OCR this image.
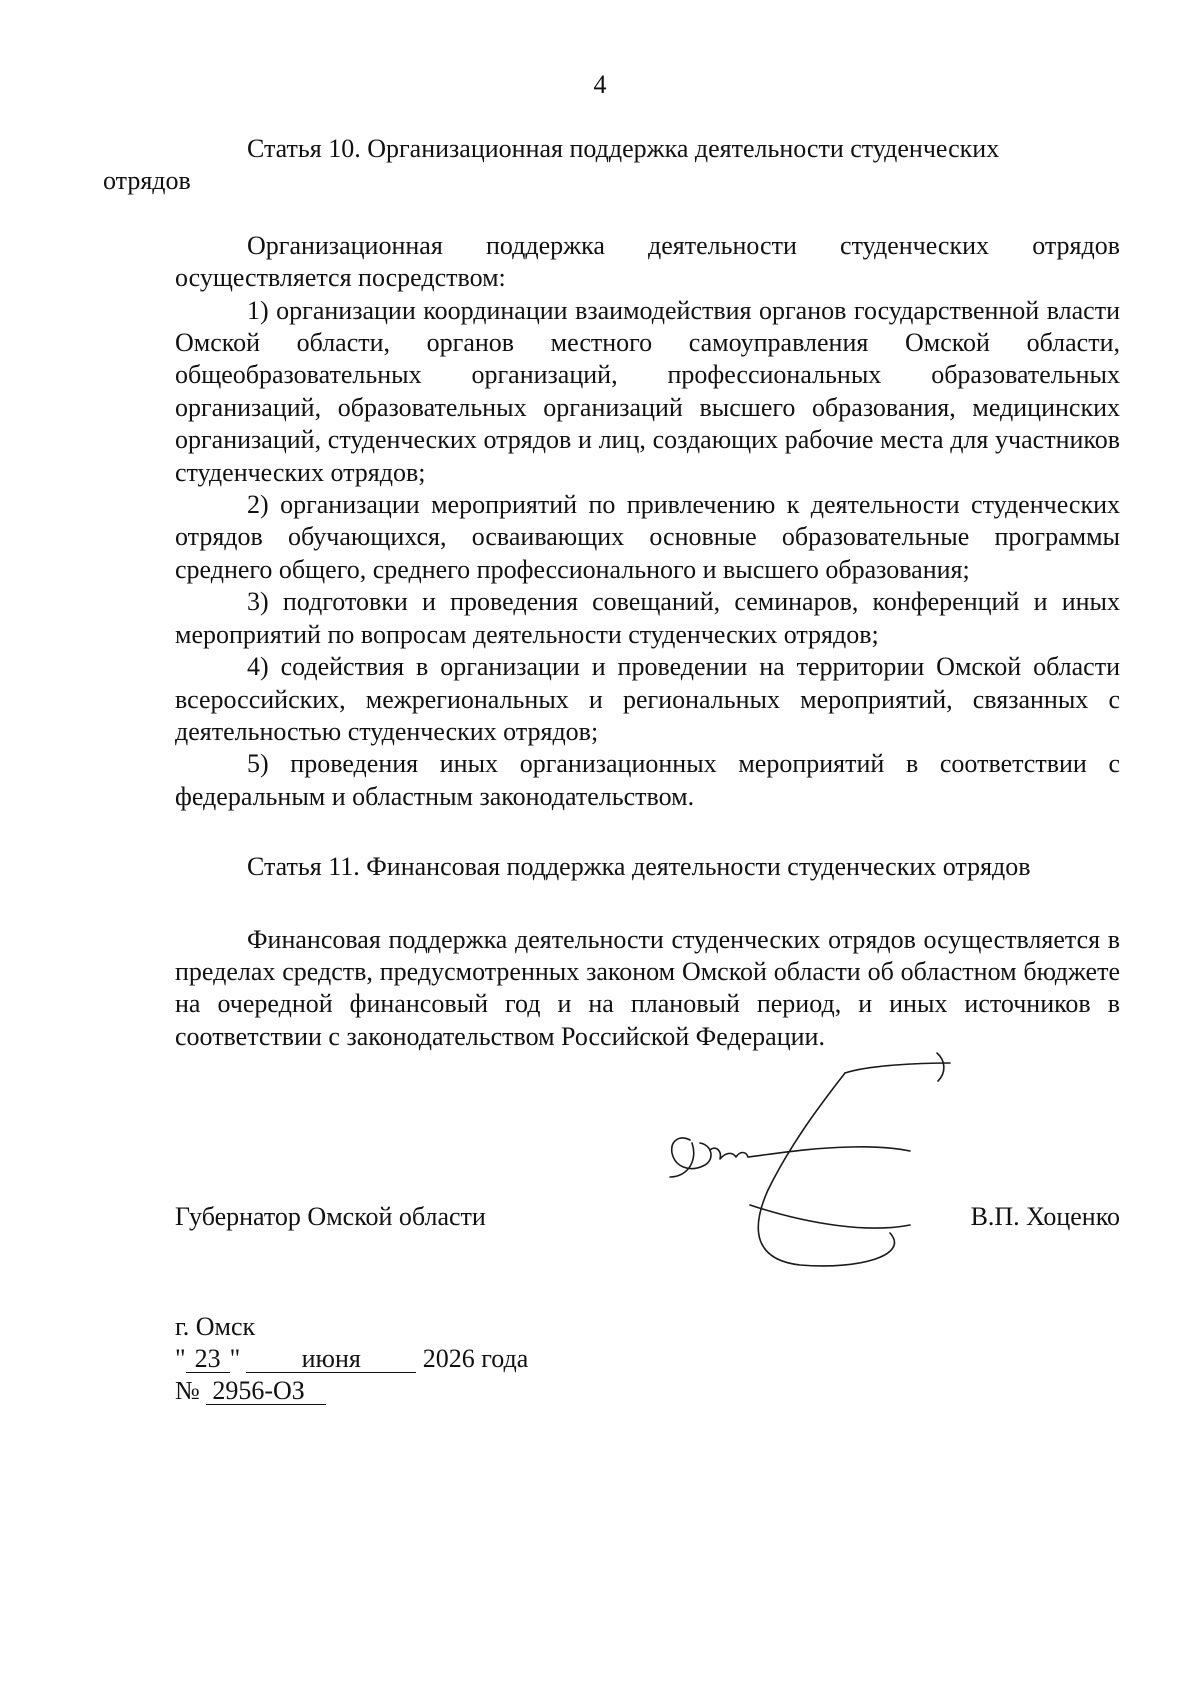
4

Статья 10. Организационная поддержка деятельности студенческих
отрядов

Организационная поддержка деятельности студенческих отрядов осуществляется посредством:

1) организации координации взаимодействия органов государственной власти Омской области, органов местного самоуправления Омской области, общеобразовательных организаций, профессиональных образовательных организаций, образовательных организаций высшего образования, медицинских организаций, студенческих отрядов и лиц, создающих рабочие места для участников студенческих отрядов;

2) организации мероприятий по привлечению к деятельности студенческих отрядов обучающихся, осваивающих основные образовательные программы среднего общего, среднего профессионального и высшего образования;

3) подготовки и проведения совещаний, семинаров, конференций и иных мероприятий по вопросам деятельности студенческих отрядов;

4) содействия в организации и проведении на территории Омской области всероссийских, межрегиональных и региональных мероприятий, связанных с деятельностью студенческих отрядов;

5) проведения иных организационных мероприятий в соответствии с федеральным и областным законодательством.

Статья 11. Финансовая поддержка деятельности студенческих отрядов

Финансовая поддержка деятельности студенческих отрядов осуществляется в пределах средств, предусмотренных законом Омской области об областном бюджете на очередной финансовый год и на плановый период, и иных источников в соответствии с законодательством Российской Федерации.

Губернатор Омской области	В.П. Хоценко
г. Омск
" 23 " июня 2026 года
№ 2956-ОЗ
